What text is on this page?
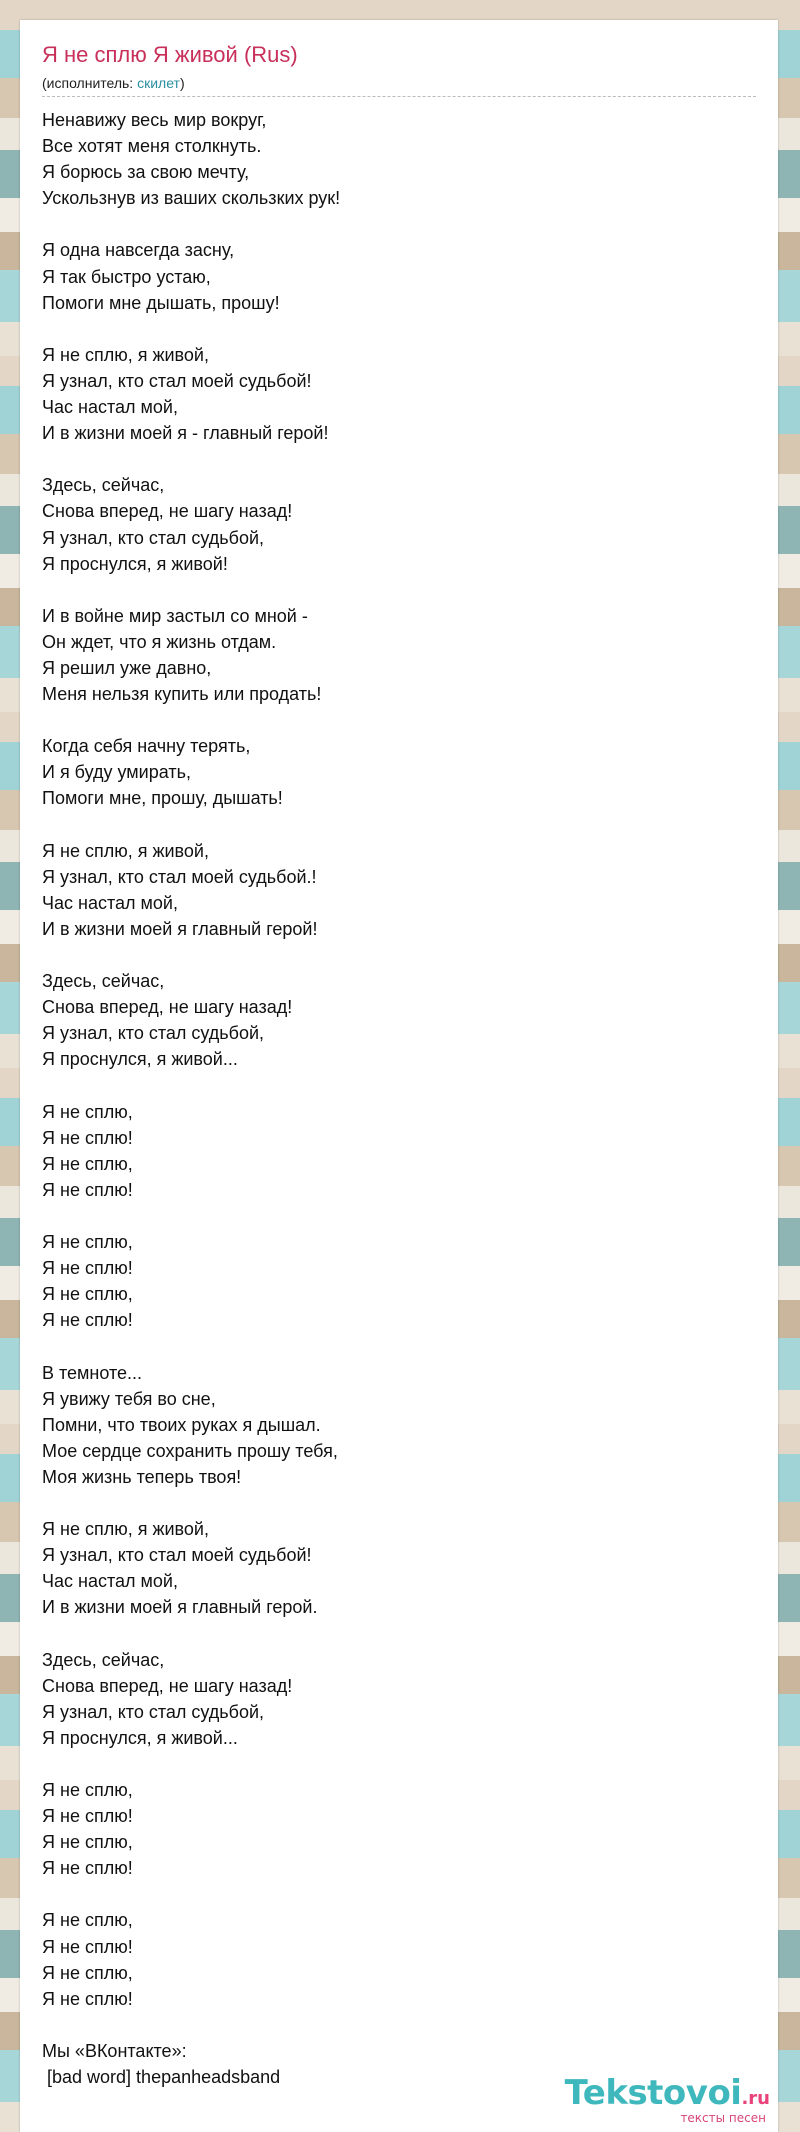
Я не сплю Я живой (Rus)
(исполнитель: скилет)
Ненавижу весь мир вокруг,
Все хотят меня столкнуть.
Я борюсь за свою мечту,
Ускользнув из ваших скользких рук!
Я одна навсегда засну,
Я так быстро устаю,
Помоги мне дышать, прошу!
Я не сплю, я живой,
Я узнал, кто стал моей судьбой!
Час настал мой,
И в жизни моей я - главный герой!
Здесь, сейчас,
Снова вперед, не шагу назад!
Я узнал, кто стал судьбой,
Я проснулся, я живой!
И в войне мир застыл со мной -
Он ждет, что я жизнь отдам.
Я решил уже давно,
Меня нельзя купить или продать!
Когда себя начну терять,
И я буду умирать,
Помоги мне, прошу, дышать!
Я не сплю, я живой,
Я узнал, кто стал моей судьбой.!
Час настал мой,
И в жизни моей я главный герой!
Здесь, сейчас,
Снова вперед, не шагу назад!
Я узнал, кто стал судьбой,
Я проснулся, я живой...
Я не сплю,
Я не сплю!
Я не сплю,
Я не сплю!
Я не сплю,
Я не сплю!
Я не сплю,
Я не сплю!
В темноте...
Я увижу тебя во сне,
Помни, что твоих руках я дышал.
Мое сердце сохранить прошу тебя,
Моя жизнь теперь твоя!
Я не сплю, я живой,
Я узнал, кто стал моей судьбой!
Час настал мой,
И в жизни моей я главный герой.
Здесь, сейчас,
Снова вперед, не шагу назад!
Я узнал, кто стал судьбой,
Я проснулся, я живой...
Я не сплю,
Я не сплю!
Я не сплю,
Я не сплю!
Я не сплю,
Я не сплю!
Я не сплю,
Я не сплю!
Мы «ВКонтакте»:
[bad word] thepanheadsband	Tekstovoi.ru
тексты песен
